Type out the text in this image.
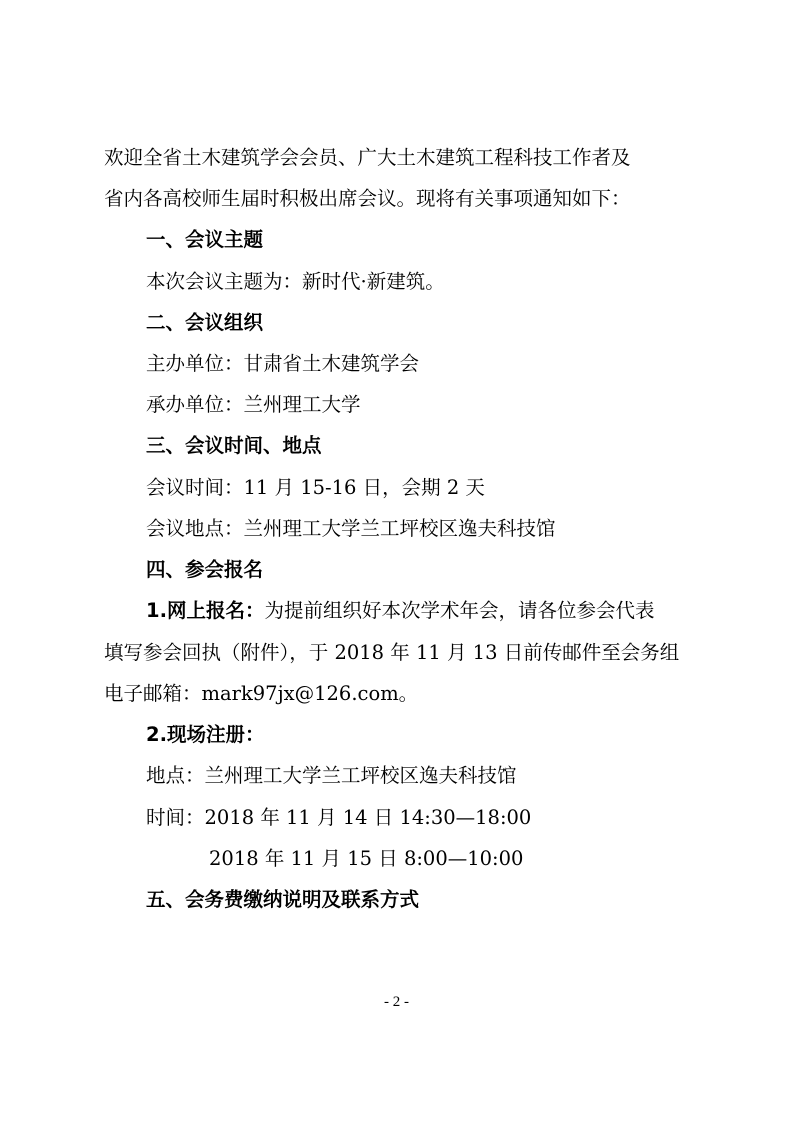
欢迎全省土木建筑学会会员、广大土木建筑工程科技工作者及
省内各高校师生届时积极出席会议。现将有关事项通知如下：
一、会议主题
本次会议主题为：新时代·新建筑。
二、会议组织
主办单位：甘肃省土木建筑学会
承办单位：兰州理工大学
三、会议时间、地点
会议时间：11 月 15-16 日，会期 2 天
会议地点：兰州理工大学兰工坪校区逸夫科技馆
四、参会报名
1.网上报名：为提前组织好本次学术年会，请各位参会代表
填写参会回执（附件），于 2018 年 11 月 13 日前传邮件至会务组
电子邮箱：mark97jx@126.com。
2.现场注册：
地点：兰州理工大学兰工坪校区逸夫科技馆
时间：2018 年 11 月 14 日 14:30—18:00
2018 年 11 月 15 日 8:00—10:00
五、会务费缴纳说明及联系方式
- 2 -
